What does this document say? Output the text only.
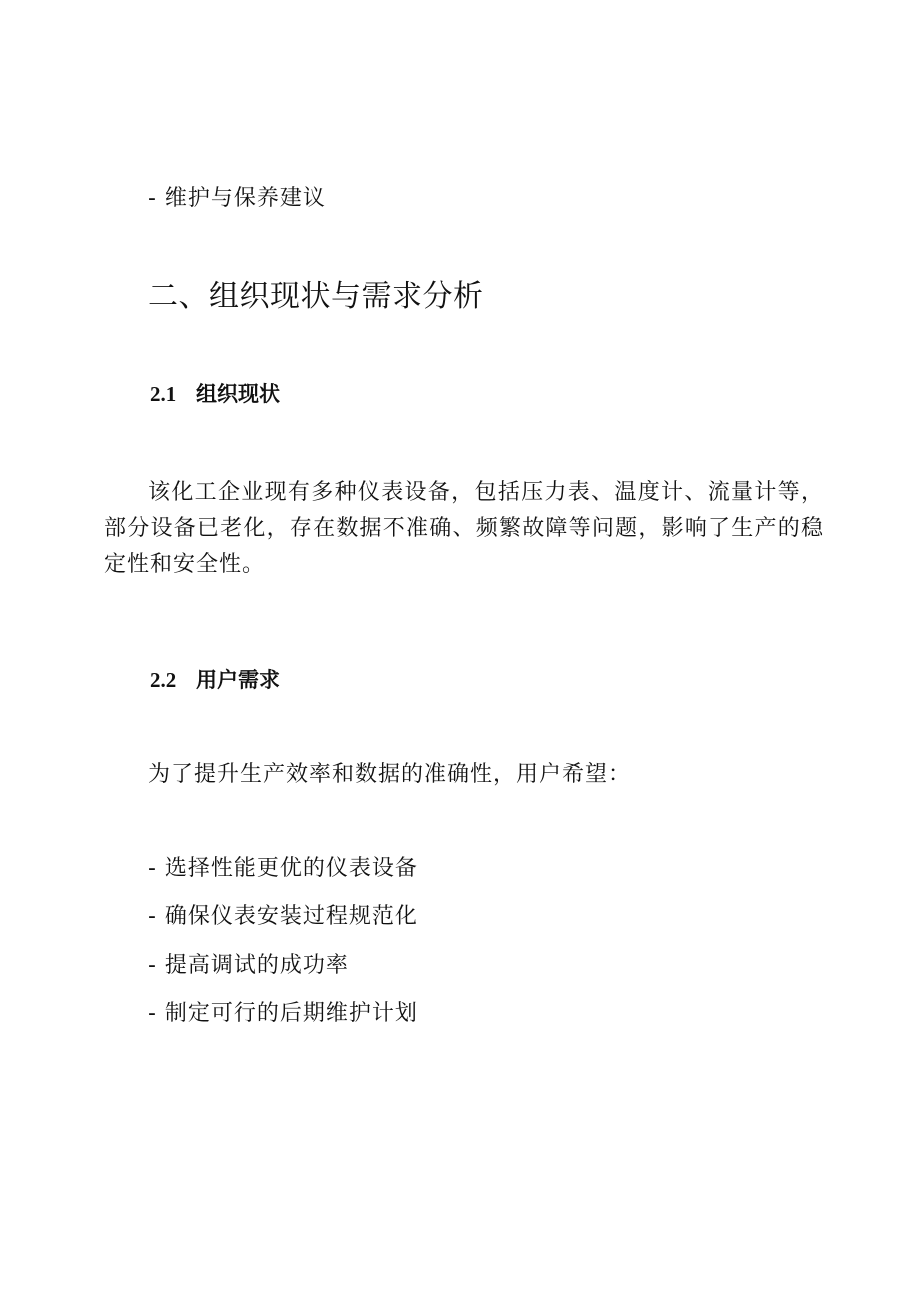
- 维护与保养建议
二、组织现状与需求分析
2.1 组织现状

该化工企业现有多种仪表设备，包括压力表、温度计、流量计等，部分设备已老化，存在数据不准确、频繁故障等问题，影响了生产的稳定性和安全性。

2.2 用户需求
为了提升生产效率和数据的准确性，用户希望：
- 选择性能更优的仪表设备
- 确保仪表安装过程规范化
- 提高调试的成功率
- 制定可行的后期维护计划
